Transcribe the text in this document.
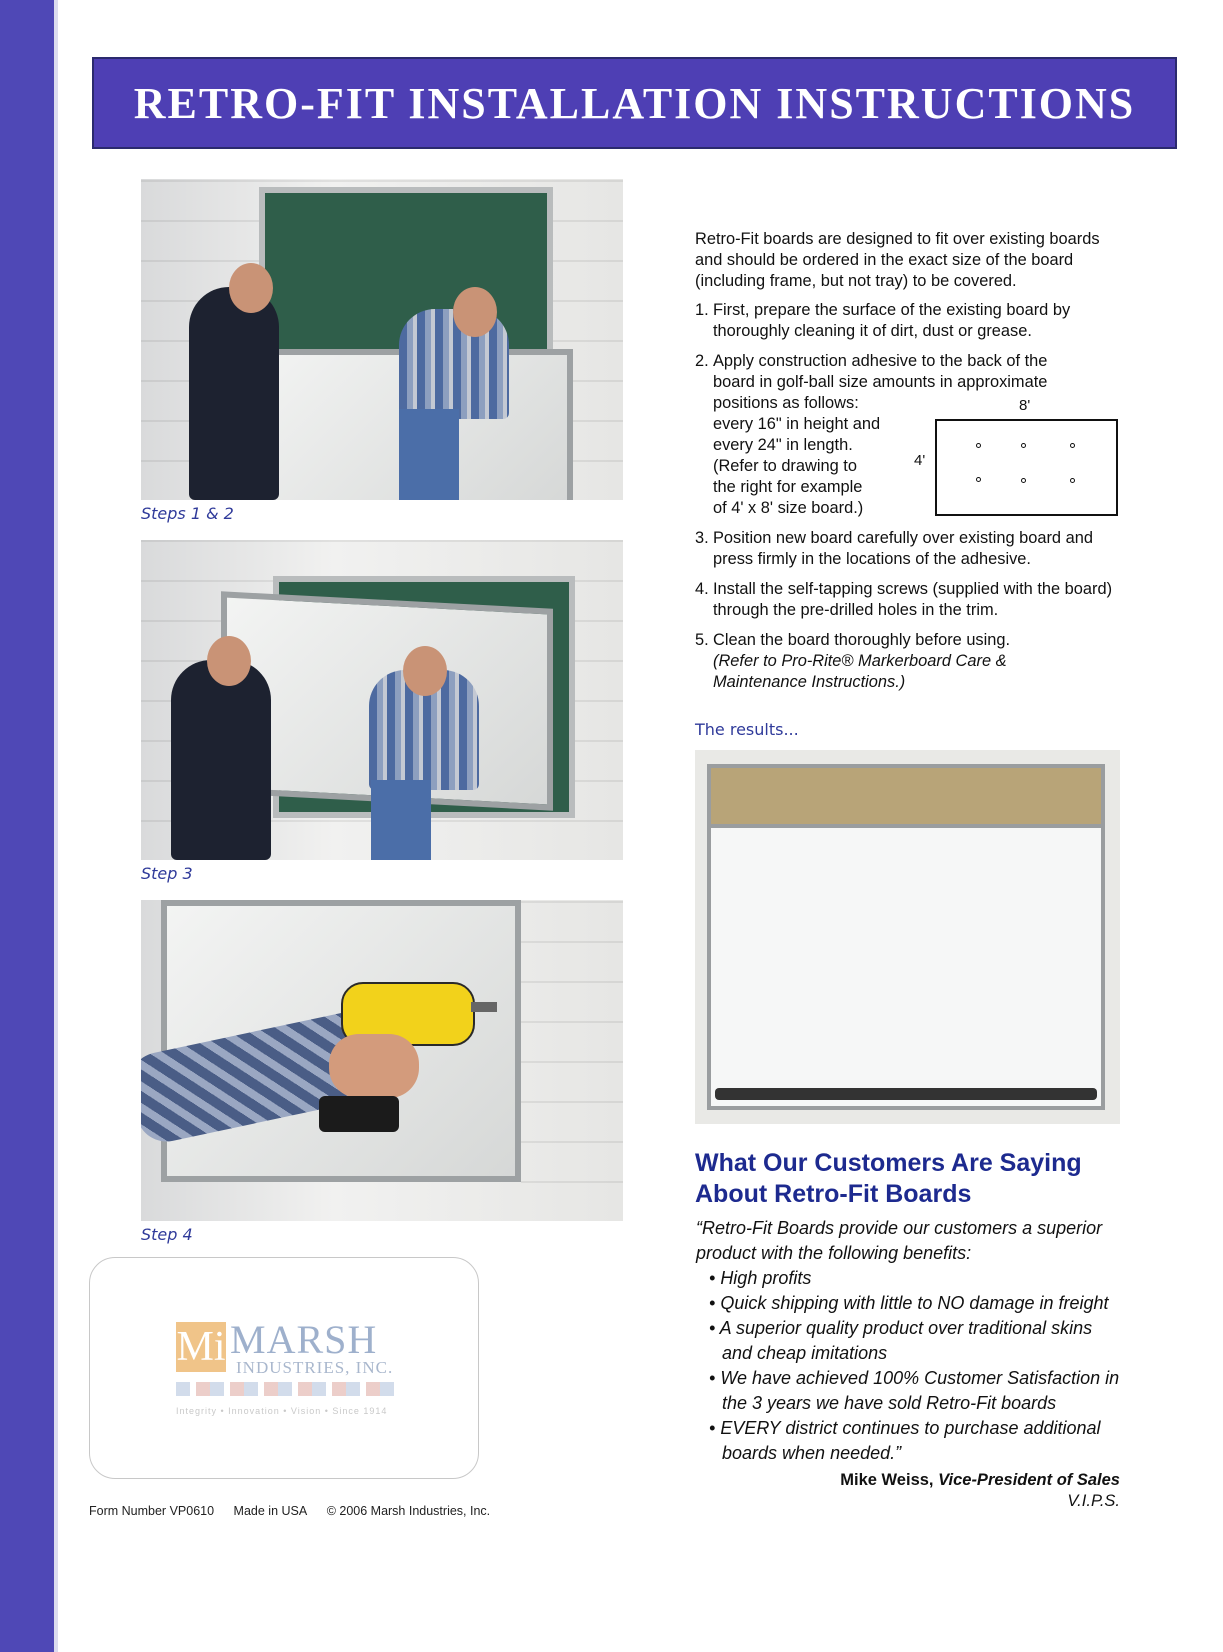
RETRO-FIT INSTALLATION INSTRUCTIONS
Steps 1 & 2
Step 3
Step 4

Retro-Fit boards are designed to fit over existing boards and should be ordered in the exact size of the board (including frame, but not tray) to be covered.

1. First, prepare the surface of the existing board by thoroughly cleaning it of dirt, dust or grease.
2. Apply construction adhesive to the back of the
board in golf-ball size amounts in approximate
positions as follows:
every 16" in height and
every 24" in length.
(Refer to drawing to
the right for example
of 4' x 8' size board.)
3. Position new board carefully over existing board and press firmly in the locations of the adhesive.
4. Install the self-tapping screws (supplied with the board) through the pre-drilled holes in the trim.
5. Clean the board thoroughly before using.
(Refer to Pro-Rite® Markerboard Care & Maintenance Instructions.)
8'
4'
The results...
What Our Customers Are Saying
About Retro-Fit Boards
“Retro-Fit Boards provide our customers a superior product with the following benefits:
• High profits
• Quick shipping with little to NO damage in freight
• A superior quality product over traditional skins and cheap imitations
• We have achieved 100% Customer Satisfaction in the 3 years we have sold Retro-Fit boards
• EVERY district continues to purchase additional boards when needed.”
Mike Weiss, Vice-President of Sales
V.I.P.S.
Mi MARSH
INDUSTRIES, INC.
Integrity • Innovation • Vision • Since 1914
Form Number VP0610 Made in USA © 2006 Marsh Industries, Inc.
